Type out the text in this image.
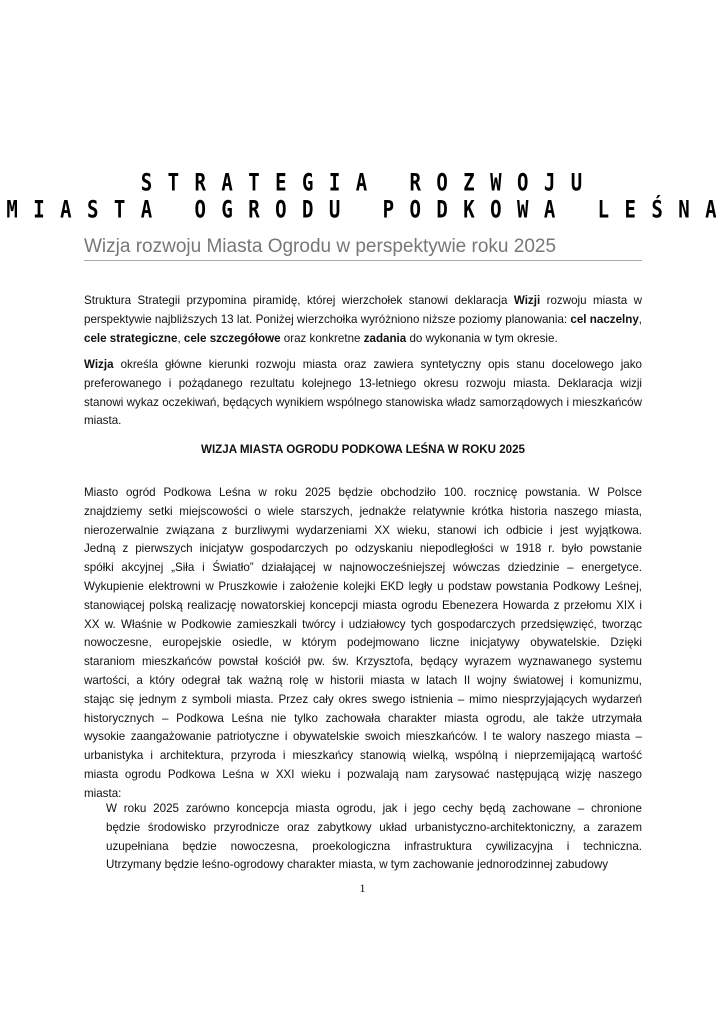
S T R A T E G I A   R O Z W O J U
M I A S T A   O G R O D U   P O D K O W A   L E Ś N A
Wizja rozwoju Miasta Ogrodu w perspektywie roku 2025
Struktura Strategii przypomina piramidę, której wierzchołek stanowi deklaracja Wizji rozwoju miasta w perspektywie najbliższych 13 lat. Poniżej wierzchołka wyróżniono niższe poziomy planowania: cel naczelny, cele strategiczne, cele szczegółowe oraz konkretne zadania do wykonania w tym okresie.
Wizja określa główne kierunki rozwoju miasta oraz zawiera syntetyczny opis stanu docelowego jako preferowanego i pożądanego rezultatu kolejnego 13-letniego okresu rozwoju miasta. Deklaracja wizji stanowi wykaz oczekiwań, będących wynikiem wspólnego stanowiska władz samorządowych i mieszkańców miasta.
WIZJA MIASTA OGRODU PODKOWA LEŚNA W ROKU 2025
Miasto ogród Podkowa Leśna w roku 2025 będzie obchodziło 100. rocznicę powstania. W Polsce
znajdziemy setki miejscowości o wiele starszych, jednakże relatywnie krótka historia naszego miasta,
nierozerwalnie związana z burzliwymi wydarzeniami XX wieku, stanowi ich odbicie i jest wyjątkowa.
Jedną z pierwszych inicjatyw gospodarczych po odzyskaniu niepodległości w 1918 r. było powstanie
spółki akcyjnej „Siła i Światło” działającej w najnowocześniejszej wówczas dziedzinie – energetyce.
Wykupienie elektrowni w Pruszkowie i założenie kolejki EKD legły u podstaw powstania Podkowy Leśnej,
stanowiącej polską realizację nowatorskiej koncepcji miasta ogrodu Ebenezera Howarda z przełomu XIX i
XX w. Właśnie w Podkowie zamieszkali twórcy i udziałowcy tych gospodarczych przedsięwzięć, tworząc
nowoczesne, europejskie osiedle, w którym podejmowano liczne inicjatywy obywatelskie. Dzięki
staraniom mieszkańców powstał kościół pw. św. Krzysztofa, będący wyrazem wyznawanego systemu
wartości, a który odegrał tak ważną rolę w historii miasta w latach II wojny światowej i komunizmu,
stając się jednym z symboli miasta. Przez cały okres swego istnienia – mimo niesprzyjających wydarzeń
historycznych – Podkowa Leśna nie tylko zachowała charakter miasta ogrodu, ale także utrzymała
wysokie zaangażowanie patriotyczne i obywatelskie swoich mieszkańców. I te walory naszego miasta –
urbanistyka i architektura, przyroda i mieszkańcy stanowią wielką, wspólną i nieprzemijającą wartość
miasta ogrodu Podkowa Leśna w XXI wieku i pozwalają nam zarysować następującą wizję naszego
miasta:
W roku 2025 zarówno koncepcja miasta ogrodu, jak i jego cechy będą zachowane – chronione
będzie środowisko przyrodnicze oraz zabytkowy układ urbanistyczno-architektoniczny, a zarazem
uzupełniana będzie nowoczesna, proekologiczna infrastruktura cywilizacyjna i techniczna.
Utrzymany będzie leśno-ogrodowy charakter miasta, w tym zachowanie jednorodzinnej zabudowy
1
